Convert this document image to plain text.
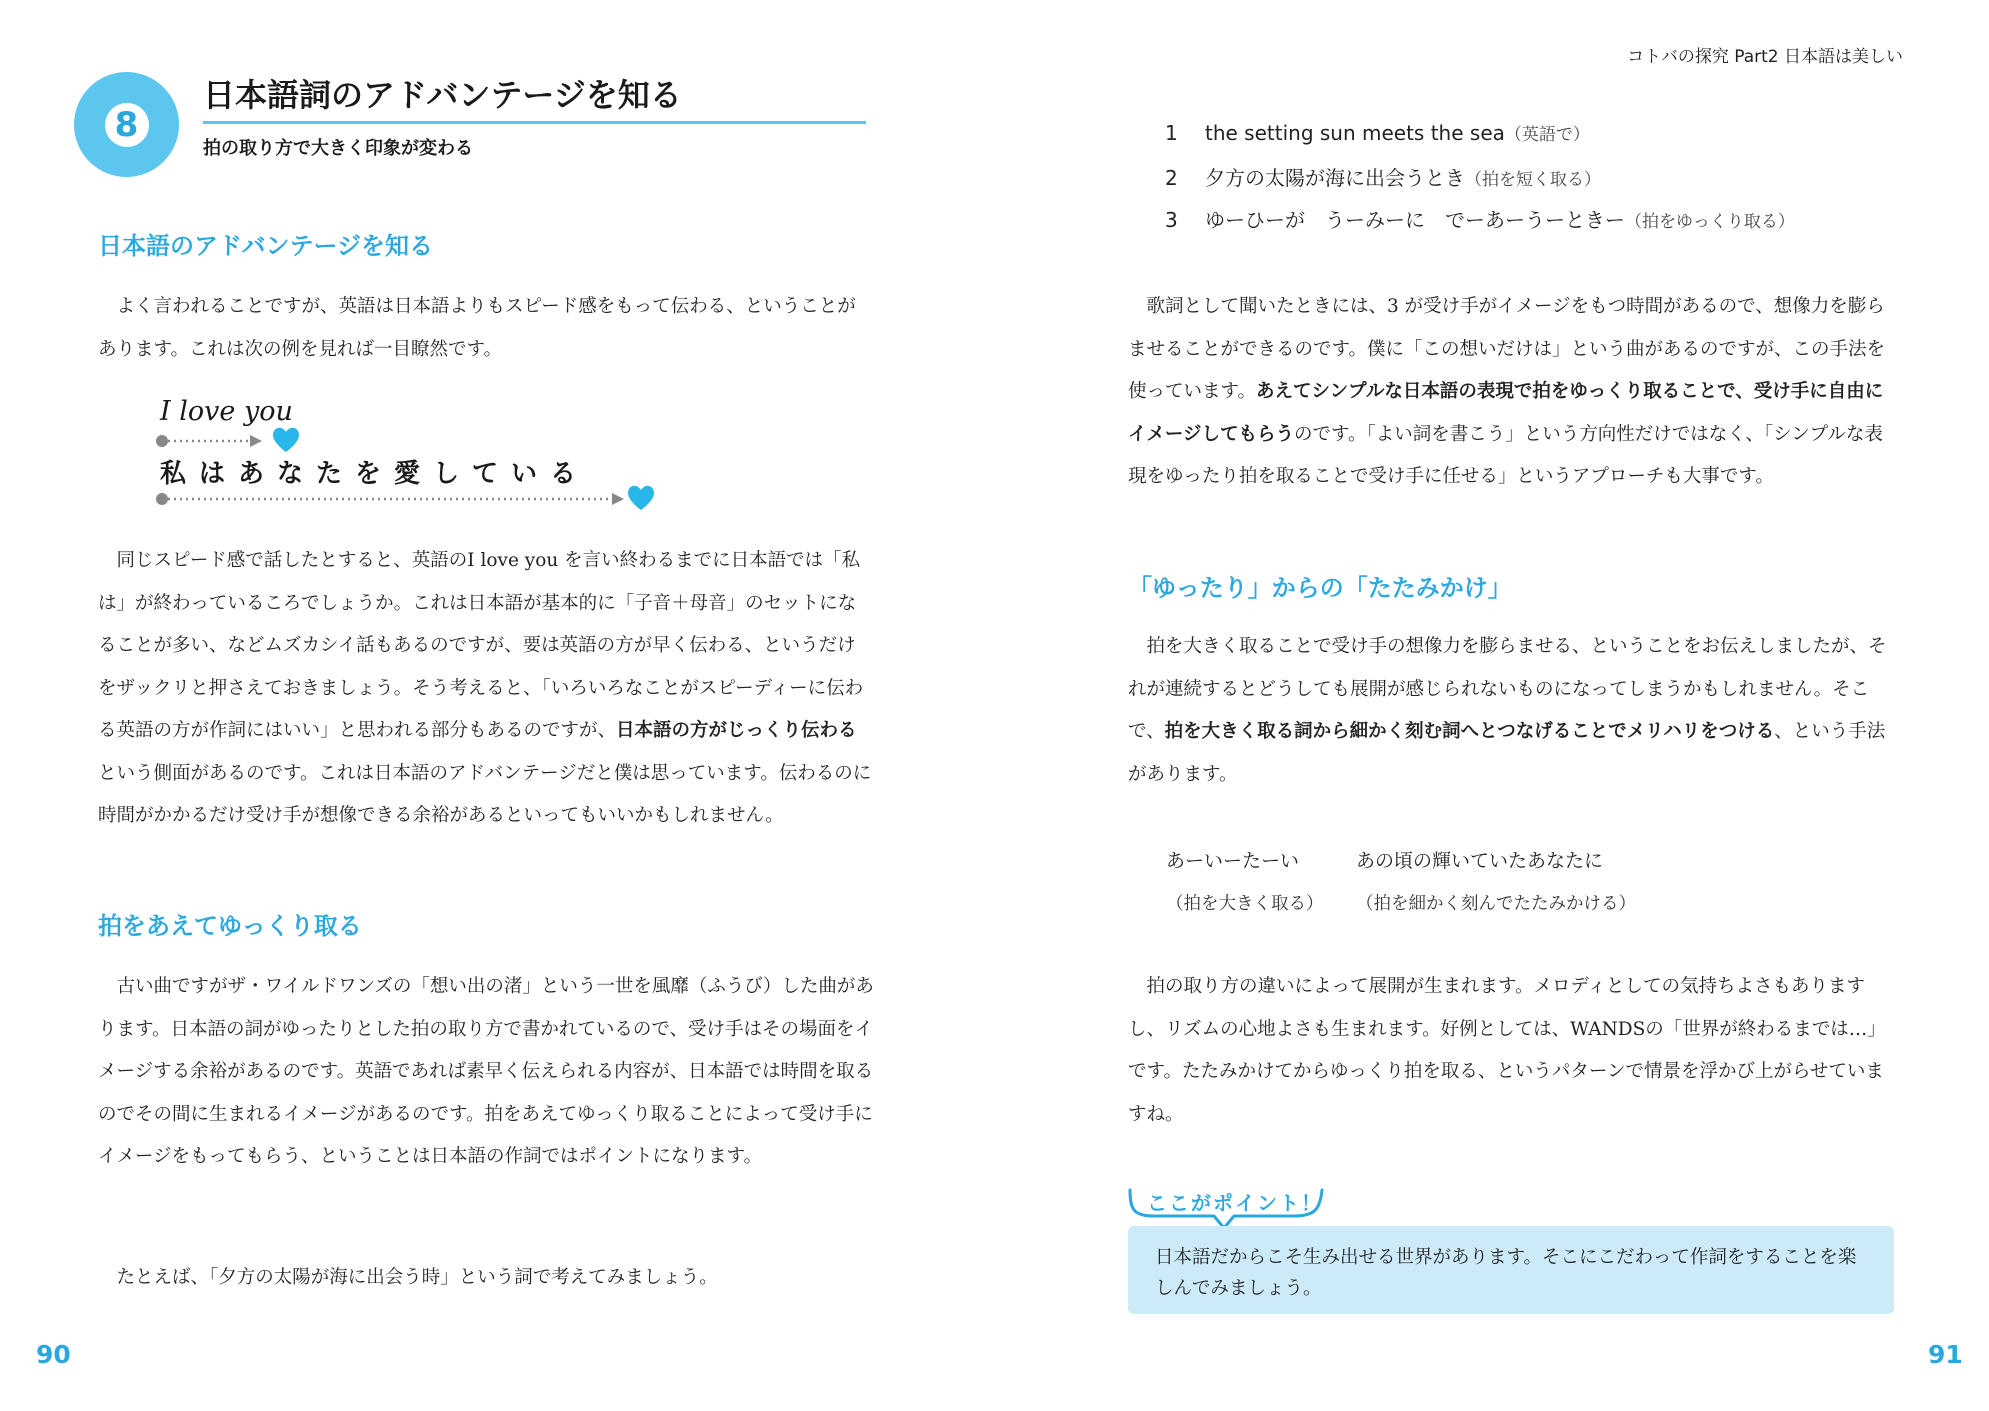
コトバの探究 Part2 日本語は美しい
8
日本語詞のアドバンテージを知る
拍の取り方で大きく印象が変わる
日本語のアドバンテージを知る

よく言われることですが、英語は日本語よりもスピード感をもって伝わる、ということがあります。これは次の例を見れば一目瞭然です。

I love you
私はあなたを愛している

同じスピード感で話したとすると、英語のI love you を言い終わるまでに日本語では「私は」が終わっているころでしょうか。これは日本語が基本的に「子音＋母音」のセットになることが多い、などムズカシイ話もあるのですが、要は英語の方が早く伝わる、というだけをザックリと押さえておきましょう。そう考えると、「いろいろなことがスピーディーに伝わる英語の方が作詞にはいい」と思われる部分もあるのですが、日本語の方がじっくり伝わるという側面があるのです。これは日本語のアドバンテージだと僕は思っています。伝わるのに時間がかかるだけ受け手が想像できる余裕があるといってもいいかもしれません。

拍をあえてゆっくり取る

古い曲ですがザ・ワイルドワンズの「想い出の渚」という一世を風靡（ふうび）した曲があります。日本語の詞がゆったりとした拍の取り方で書かれているので、受け手はその場面をイメージする余裕があるのです。英語であれば素早く伝えられる内容が、日本語では時間を取るのでその間に生まれるイメージがあるのです。拍をあえてゆっくり取ることによって受け手にイメージをもってもらう、ということは日本語の作詞ではポイントになります。

たとえば、「夕方の太陽が海に出会う時」という詞で考えてみましょう。

90
1 the setting sun meets the sea（英語で）
2 夕方の太陽が海に出会うとき（拍を短く取る）
3 ゆーひーが　うーみーに　でーあーうーときー（拍をゆっくり取る）

歌詞として聞いたときには、3 が受け手がイメージをもつ時間があるので、想像力を膨らませることができるのです。僕に「この想いだけは」という曲があるのですが、この手法を使っています。あえてシンプルな日本語の表現で拍をゆっくり取ることで、受け手に自由にイメージしてもらうのです。「よい詞を書こう」という方向性だけではなく、「シンプルな表現をゆったり拍を取ることで受け手に任せる」というアプローチも大事です。

「ゆったり」からの「たたみかけ」

拍を大きく取ることで受け手の想像力を膨らませる、ということをお伝えしましたが、それが連続するとどうしても展開が感じられないものになってしまうかもしれません。そこで、拍を大きく取る詞から細かく刻む詞へとつなげることでメリハリをつける、という手法があります。

あーいーたーい	あの頃の輝いていたあなたに
（拍を大きく取る） （拍を細かく刻んでたたみかける）

拍の取り方の違いによって展開が生まれます。メロディとしての気持ちよさもありますし、リズムの心地よさも生まれます。好例としては、WANDSの「世界が終わるまでは…」です。たたみかけてからゆっくり拍を取る、というパターンで情景を浮かび上がらせていますね。

ここがポイント！
日本語だからこそ生み出せる世界があります。そこにこだわって作詞をすることを楽しんでみましょう。
91
